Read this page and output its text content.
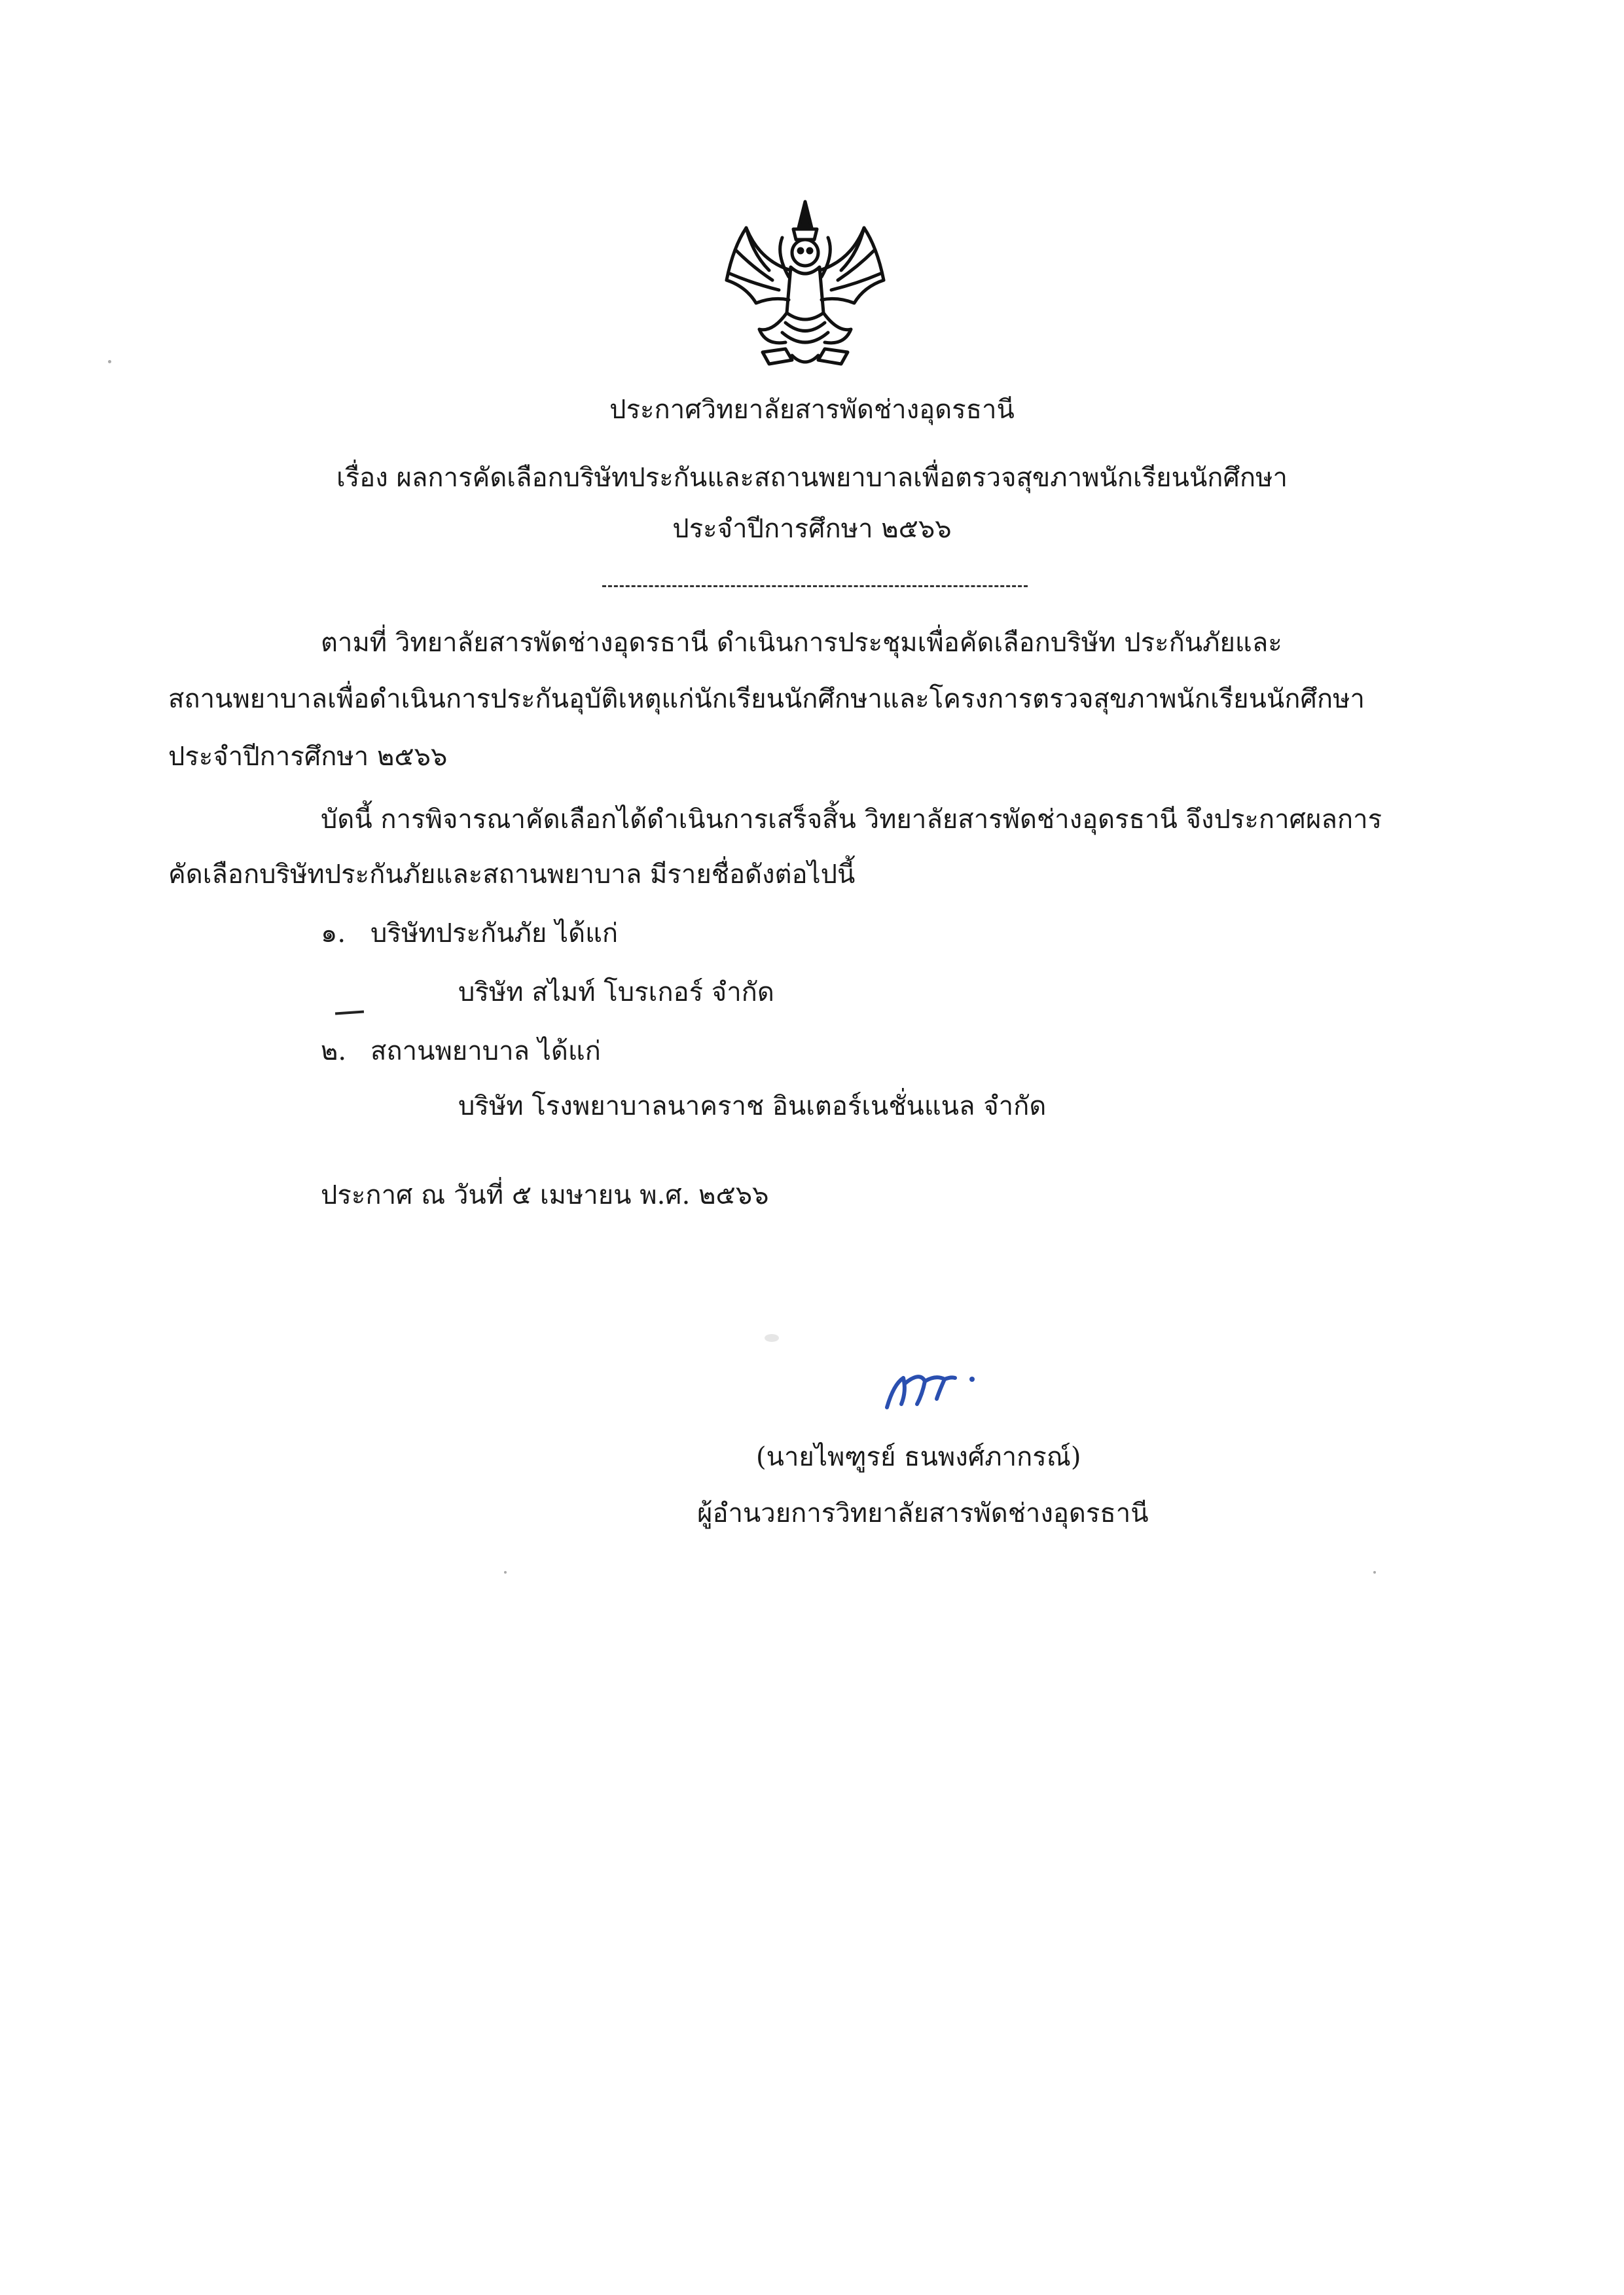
ประกาศวิทยาลัยสารพัดช่างอุดรธานี
เรื่อง ผลการคัดเลือกบริษัทประกันและสถานพยาบาลเพื่อตรวจสุขภาพนักเรียนนักศึกษา
ประจำปีการศึกษา ๒๕๖๖
ตามที่ วิทยาลัยสารพัดช่างอุดรธานี ดำเนินการประชุมเพื่อคัดเลือกบริษัท ประกันภัยและ
สถานพยาบาลเพื่อดำเนินการประกันอุบัติเหตุแก่นักเรียนนักศึกษาและโครงการตรวจสุขภาพนักเรียนนักศึกษา
ประจำปีการศึกษา ๒๕๖๖
บัดนี้ การพิจารณาคัดเลือกได้ดำเนินการเสร็จสิ้น วิทยาลัยสารพัดช่างอุดรธานี จึงประกาศผลการ
คัดเลือกบริษัทประกันภัยและสถานพยาบาล มีรายชื่อดังต่อไปนี้
๑. บริษัทประกันภัย ได้แก่
บริษัท สไมท์ โบรเกอร์ จำกัด
๒. สถานพยาบาล ได้แก่
บริษัท โรงพยาบาลนาคราช อินเตอร์เนชั่นแนล จำกัด
ประกาศ ณ วันที่ ๕ เมษายน พ.ศ. ๒๕๖๖
(นายไพฑูรย์ ธนพงศ์ภากรณ์)
ผู้อำนวยการวิทยาลัยสารพัดช่างอุดรธานี
